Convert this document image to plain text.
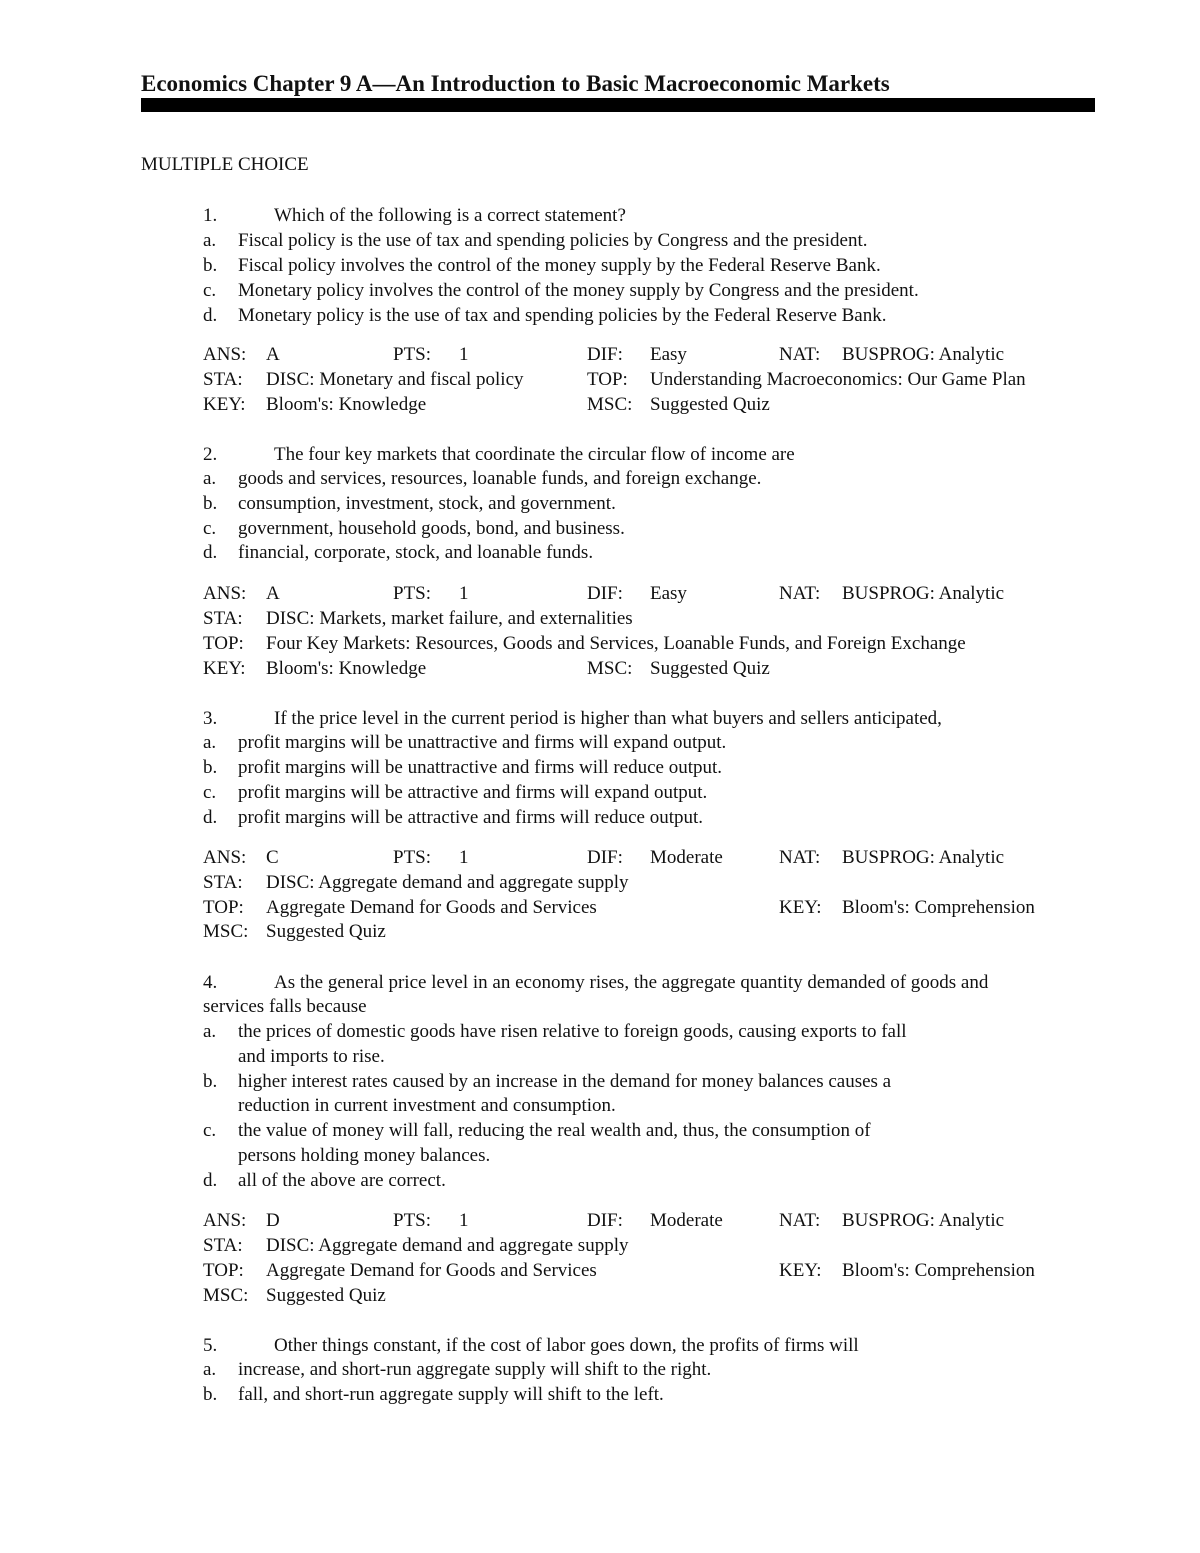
Economics Chapter 9 A—An Introduction to Basic Macroeconomic Markets
MULTIPLE CHOICE
1.	Which of the following is a correct statement?
a. Fiscal policy is the use of tax and spending policies by Congress and the president.
b. Fiscal policy involves the control of the money supply by the Federal Reserve Bank.
c. Monetary policy involves the control of the money supply by Congress and the president.
d. Monetary policy is the use of tax and spending policies by the Federal Reserve Bank.
ANS: A	PTS: 1	DIF: Easy	NAT: BUSPROG: Analytic
STA: DISC: Monetary and fiscal policy	TOP: Understanding Macroeconomics: Our Game Plan
KEY: Bloom's: Knowledge	MSC: Suggested Quiz
2.	The four key markets that coordinate the circular flow of income are
a. goods and services, resources, loanable funds, and foreign exchange.
b. consumption, investment, stock, and government.
c. government, household goods, bond, and business.
d. financial, corporate, stock, and loanable funds.
ANS: A	PTS: 1	DIF: Easy	NAT: BUSPROG: Analytic
STA: DISC: Markets, market failure, and externalities
TOP: Four Key Markets: Resources, Goods and Services, Loanable Funds, and Foreign Exchange
KEY: Bloom's: Knowledge	MSC: Suggested Quiz
3.	If the price level in the current period is higher than what buyers and sellers anticipated,
a. profit margins will be unattractive and firms will expand output.
b. profit margins will be unattractive and firms will reduce output.
c. profit margins will be attractive and firms will expand output.
d. profit margins will be attractive and firms will reduce output.
ANS: C	PTS: 1	DIF: Moderate	NAT: BUSPROG: Analytic
STA: DISC: Aggregate demand and aggregate supply
TOP: Aggregate Demand for Goods and Services	KEY: Bloom's: Comprehension
MSC: Suggested Quiz
4.	As the general price level in an economy rises, the aggregate quantity demanded of goods and
services falls because
a. the prices of domestic goods have risen relative to foreign goods, causing exports to fall
and imports to rise.
b. higher interest rates caused by an increase in the demand for money balances causes a
reduction in current investment and consumption.
c. the value of money will fall, reducing the real wealth and, thus, the consumption of
persons holding money balances.
d. all of the above are correct.
ANS: D	PTS: 1	DIF: Moderate	NAT: BUSPROG: Analytic
STA: DISC: Aggregate demand and aggregate supply
TOP: Aggregate Demand for Goods and Services	KEY: Bloom's: Comprehension
MSC: Suggested Quiz
5.	Other things constant, if the cost of labor goes down, the profits of firms will
a. increase, and short-run aggregate supply will shift to the right.
b. fall, and short-run aggregate supply will shift to the left.
